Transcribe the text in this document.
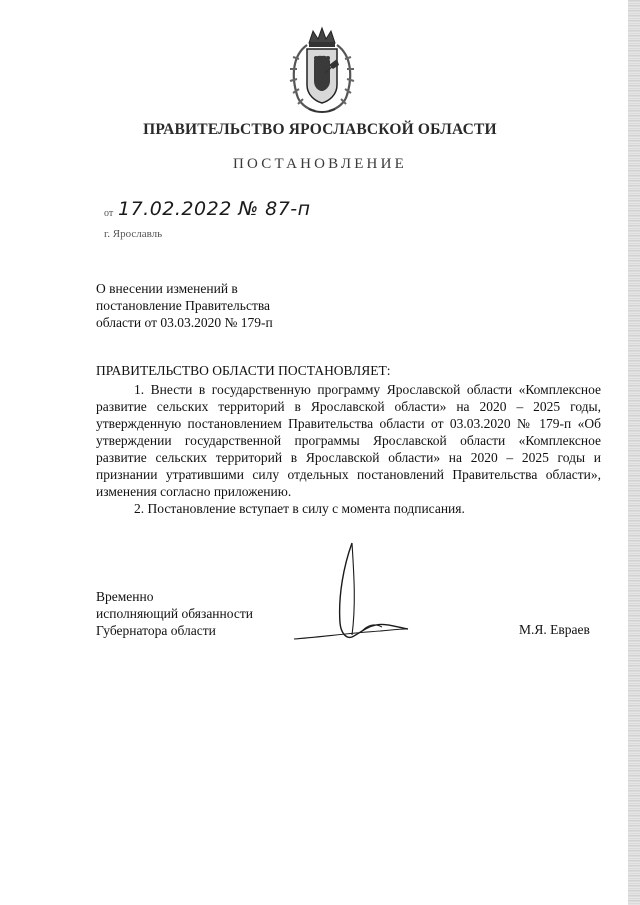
ПРАВИТЕЛЬСТВО ЯРОСЛАВСКОЙ ОБЛАСТИ
ПОСТАНОВЛЕНИЕ
от 17.02.2022 № 87-п
г. Ярославль
О внесении изменений в
постановление Правительства
области от 03.03.2020 № 179-п
ПРАВИТЕЛЬСТВО ОБЛАСТИ ПОСТАНОВЛЯЕТ:

1. Внести в государственную программу Ярославской области «Комплексное развитие сельских территорий в Ярославской области» на 2020 – 2025 годы, утвержденную постановлением Правительства области от 03.03.2020 № 179-п «Об утверждении государственной программы Ярославской области «Комплексное развитие сельских территорий в Ярославской области» на 2020 – 2025 годы и признании утратившими силу отдельных постановлений Правительства области», изменения согласно приложению.

2. Постановление вступает в силу с момента подписания.

Временно
исполняющий обязанности
Губернатора области	М.Я. Евраев
